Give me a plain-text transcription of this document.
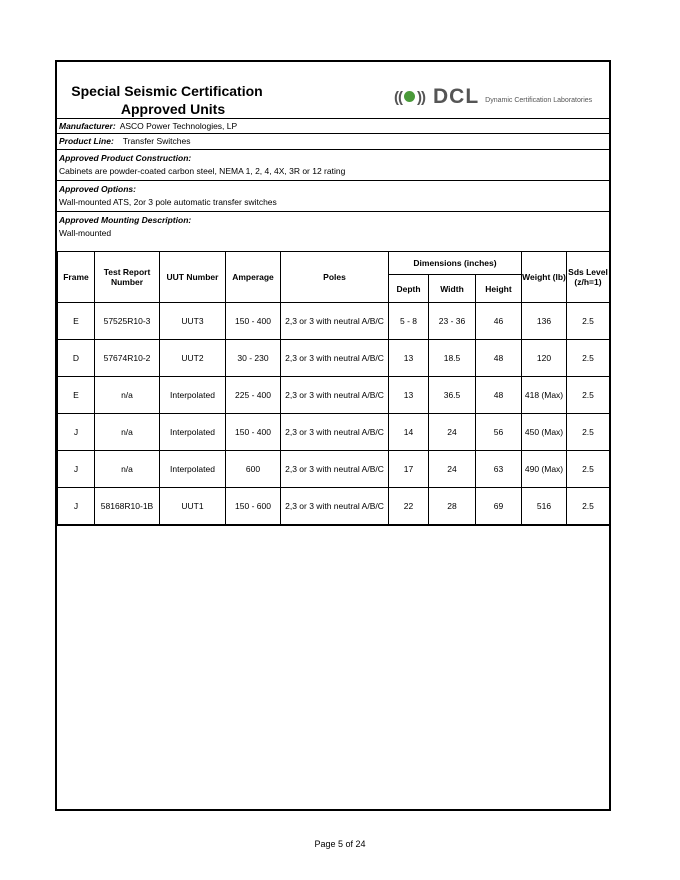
Special Seismic Certification
Approved Units
(( )) DCL Dynamic Certification Laboratories
Manufacturer: ASCO Power Technologies, LP
Product Line: Transfer Switches
Approved Product Construction:
Cabinets are powder-coated carbon steel, NEMA 1, 2, 4, 4X, 3R or 12 rating
Approved Options:
Wall-mounted ATS, 2or 3 pole automatic transfer switches
Approved Mounting Description:
Wall-mounted
Frame	Test Report Number	UUT Number	Amperage	Poles	Dimensions (inches)			Weight (lb)	Sds Level (z/h=1)
					Depth	Width	Height		
E	57525R10-3	UUT3	150 - 400	2,3 or 3 with neutral A/B/C	5 - 8	23 - 36	46	136	2.5
D	57674R10-2	UUT2	30 - 230	2,3 or 3 with neutral A/B/C	13	18.5	48	120	2.5
E	n/a	Interpolated	225 - 400	2,3 or 3 with neutral A/B/C	13	36.5	48	418 (Max)	2.5
J	n/a	Interpolated	150 - 400	2,3 or 3 with neutral A/B/C	14	24	56	450 (Max)	2.5
J	n/a	Interpolated	600	2,3 or 3 with neutral A/B/C	17	24	63	490 (Max)	2.5
J	58168R10-1B	UUT1	150 - 600	2,3 or 3 with neutral A/B/C	22	28	69	516	2.5
Page 5 of 24
